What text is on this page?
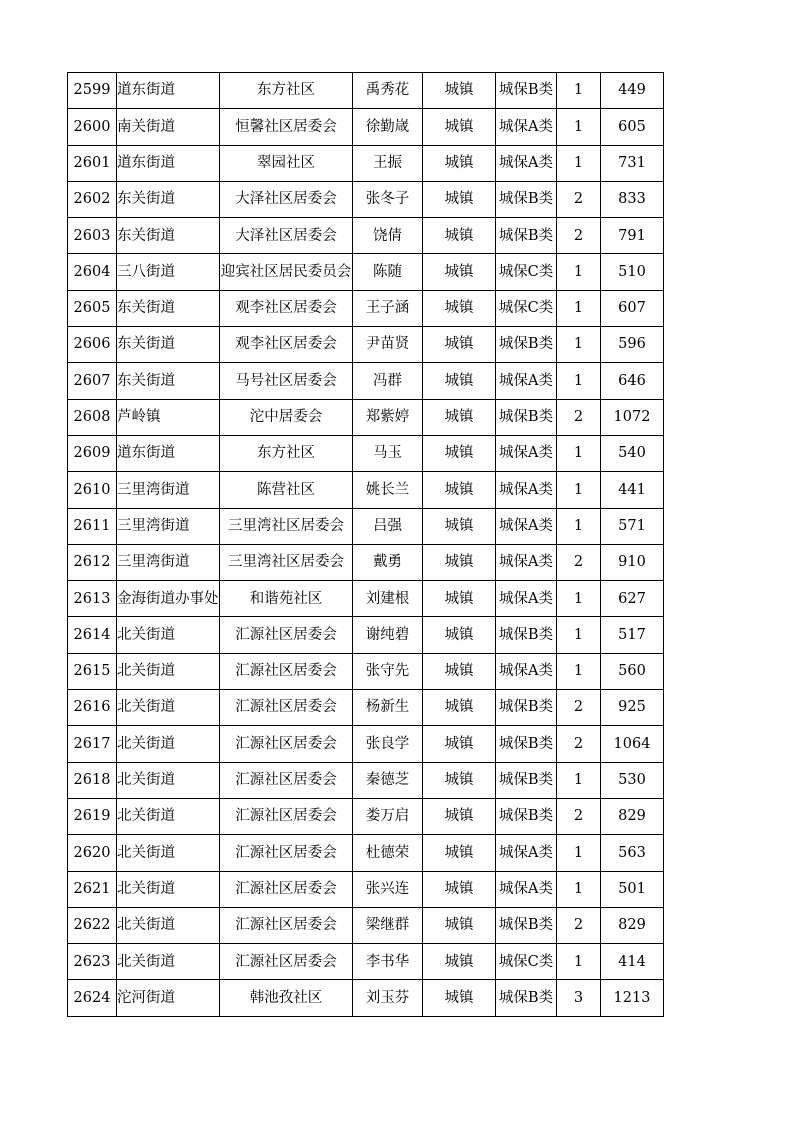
2599	道东街道	东方社区	禹秀花	城镇	城保B类	1	449
2600	南关街道	恒馨社区居委会	徐勤嵅	城镇	城保A类	1	605
2601	道东街道	翠园社区	王振	城镇	城保A类	1	731
2602	东关街道	大泽社区居委会	张冬子	城镇	城保B类	2	833
2603	东关街道	大泽社区居委会	饶倩	城镇	城保B类	2	791
2604	三八街道	迎宾社区居民委员会	陈随	城镇	城保C类	1	510
2605	东关街道	观李社区居委会	王子涵	城镇	城保C类	1	607
2606	东关街道	观李社区居委会	尹苗贤	城镇	城保B类	1	596
2607	东关街道	马号社区居委会	冯群	城镇	城保A类	1	646
2608	芦岭镇	沱中居委会	郑紫婷	城镇	城保B类	2	1072
2609	道东街道	东方社区	马玉	城镇	城保A类	1	540
2610	三里湾街道	陈营社区	姚长兰	城镇	城保A类	1	441
2611	三里湾街道	三里湾社区居委会	吕强	城镇	城保A类	1	571
2612	三里湾街道	三里湾社区居委会	戴勇	城镇	城保A类	2	910
2613	金海街道办事处	和谐苑社区	刘建根	城镇	城保A类	1	627
2614	北关街道	汇源社区居委会	谢纯碧	城镇	城保B类	1	517
2615	北关街道	汇源社区居委会	张守先	城镇	城保A类	1	560
2616	北关街道	汇源社区居委会	杨新生	城镇	城保B类	2	925
2617	北关街道	汇源社区居委会	张良学	城镇	城保B类	2	1064
2618	北关街道	汇源社区居委会	秦德芝	城镇	城保B类	1	530
2619	北关街道	汇源社区居委会	娄万启	城镇	城保B类	2	829
2620	北关街道	汇源社区居委会	杜德荣	城镇	城保A类	1	563
2621	北关街道	汇源社区居委会	张兴连	城镇	城保A类	1	501
2622	北关街道	汇源社区居委会	梁继群	城镇	城保B类	2	829
2623	北关街道	汇源社区居委会	李书华	城镇	城保C类	1	414
2624	沱河街道	韩池孜社区	刘玉芬	城镇	城保B类	3	1213
